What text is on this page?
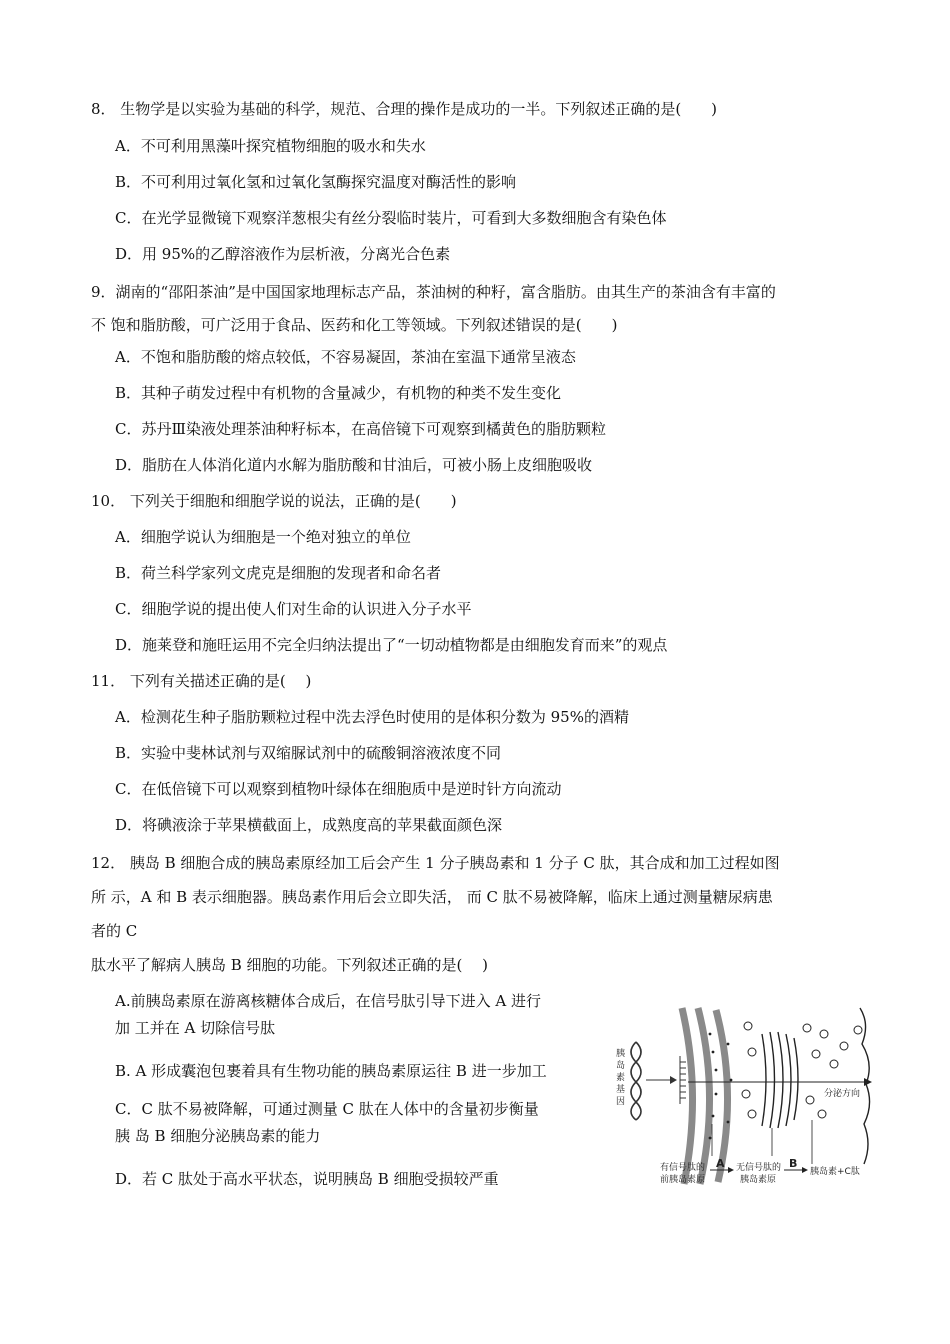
8． 生物学是以实验为基础的科学，规范、合理的操作是成功的一半。下列叙述正确的是(　　)
A．不可利用黑藻叶探究植物细胞的吸水和失水
B．不可利用过氧化氢和过氧化氢酶探究温度对酶活性的影响
C．在光学显微镜下观察洋葱根尖有丝分裂临时装片，可看到大多数细胞含有染色体
D．用 95%的乙醇溶液作为层析液，分离光合色素
9．湖南的“邵阳茶油”是中国国家地理标志产品，茶油树的种籽，富含脂肪。由其生产的茶油含有丰富的
不 饱和脂肪酸，可广泛用于食品、医药和化工等领域。下列叙述错误的是(　　)
A．不饱和脂肪酸的熔点较低，不容易凝固，茶油在室温下通常呈液态
B．其种子萌发过程中有机物的含量减少，有机物的种类不发生变化
C．苏丹Ⅲ染液处理茶油种籽标本，在高倍镜下可观察到橘黄色的脂肪颗粒
D．脂肪在人体消化道内水解为脂肪酸和甘油后，可被小肠上皮细胞吸收
10． 下列关于细胞和细胞学说的说法，正确的是(　　)
A．细胞学说认为细胞是一个绝对独立的单位
B．荷兰科学家列文虎克是细胞的发现者和命名者
C．细胞学说的提出使人们对生命的认识进入分子水平
D．施莱登和施旺运用不完全归纳法提出了“一切动植物都是由细胞发育而来”的观点
11． 下列有关描述正确的是(　 )
A．检测花生种子脂肪颗粒过程中洗去浮色时使用的是体积分数为 95%的酒精
B．实验中斐林试剂与双缩脲试剂中的硫酸铜溶液浓度不同
C．在低倍镜下可以观察到植物叶绿体在细胞质中是逆时针方向流动
D．将碘液涂于苹果横截面上，成熟度高的苹果截面颜色深
12． 胰岛 B 细胞合成的胰岛素原经加工后会产生 1 分子胰岛素和 1 分子 C 肽，其合成和加工过程如图
所 示，A 和 B 表示细胞器。胰岛素作用后会立即失活， 而 C 肽不易被降解，临床上通过测量糖尿病患
者的 C
肽水平了解病人胰岛 B 细胞的功能。下列叙述正确的是(　 )
A.前胰岛素原在游离核糖体合成后，在信号肽引导下进入 A 进行
加 工并在 A 切除信号肽
B. A 形成囊泡包裹着具有生物功能的胰岛素原运往 B 进一步加工
C．C 肽不易被降解，可通过测量 C 肽在人体中的含量初步衡量
胰 岛 B 细胞分泌胰岛素的能力
D．若 C 肽处于高水平状态，说明胰岛 B 细胞受损较严重
胰
岛
素
基
因
分泌方向
有信号肽的
前胰岛素原
A 无信号肽的
胰岛素原
B
胰岛素+C肽
